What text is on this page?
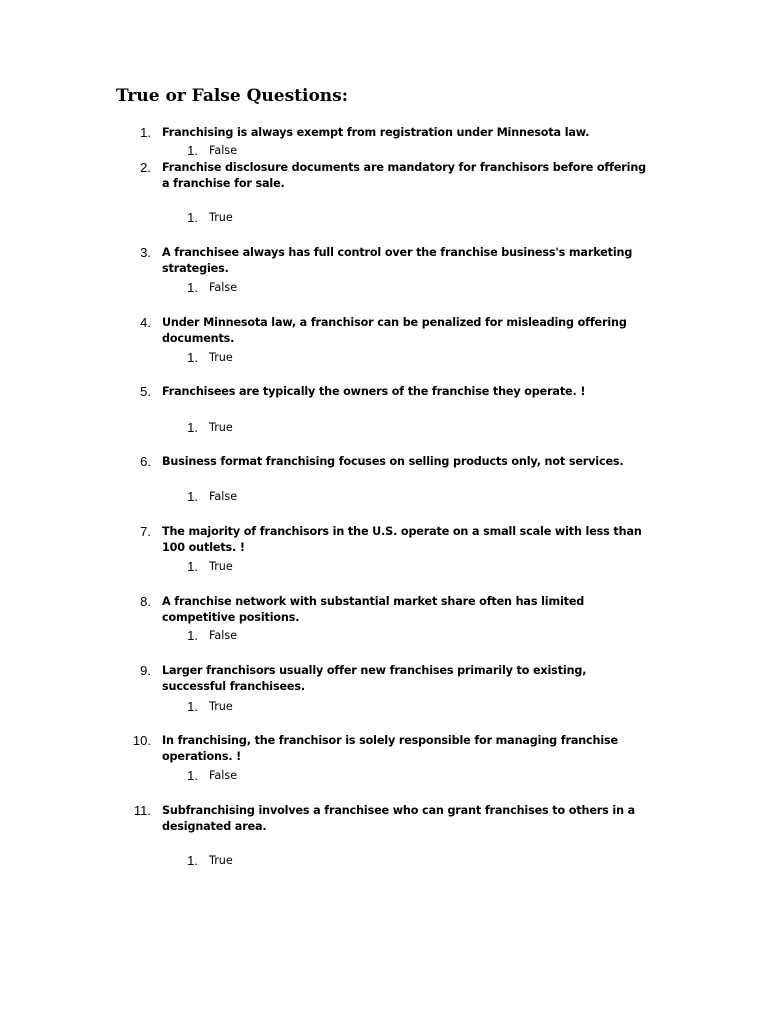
True or False Questions:
1. Franchising is always exempt from registration under Minnesota law.
1. False
2. Franchise disclosure documents are mandatory for franchisors before offering a franchise for sale.
1. True
3. A franchisee always has full control over the franchise business's marketing strategies.
1. False
4. Under Minnesota law, a franchisor can be penalized for misleading offering documents.
1. True
5. Franchisees are typically the owners of the franchise they operate. !
1. True
6. Business format franchising focuses on selling products only, not services.
1. False
7. The majority of franchisors in the U.S. operate on a small scale with less than 100 outlets. !
1. True
8. A franchise network with substantial market share often has limited competitive positions.
1. False
9. Larger franchisors usually offer new franchises primarily to existing, successful franchisees.
1. True
10. In franchising, the franchisor is solely responsible for managing franchise operations. !
1. False
11. Subfranchising involves a franchisee who can grant franchises to others in a designated area.
1. True
